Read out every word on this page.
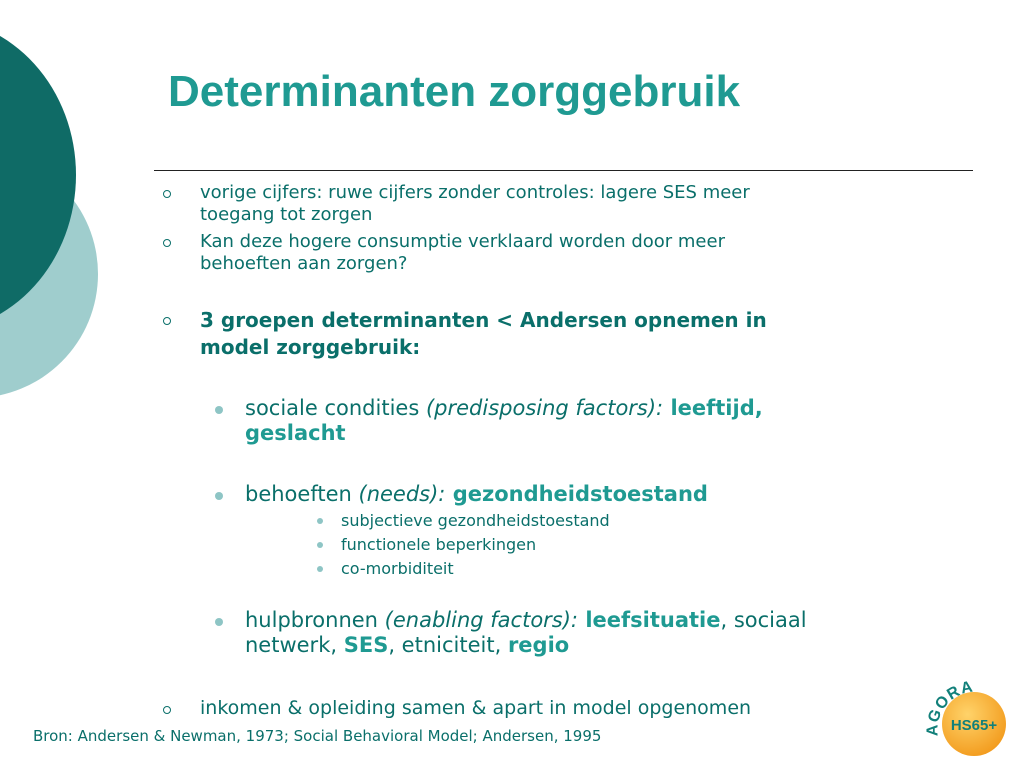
Determinanten zorggebruik
vorige cijfers: ruwe cijfers zonder controles: lagere SES meer
toegang tot zorgen
Kan deze hogere consumptie verklaard worden door meer
behoeften aan zorgen?
3 groepen determinanten < Andersen opnemen in
model zorggebruik:
sociale condities (predisposing factors): leeftijd,
geslacht
behoeften (needs): gezondheidstoestand
subjectieve gezondheidstoestand
functionele beperkingen
co-morbiditeit
hulpbronnen (enabling factors): leefsituatie, sociaal
netwerk, SES, etniciteit, regio
inkomen & opleiding samen & apart in model opgenomen

Bron: Andersen & Newman, 1973; Social Behavioral Model; Andersen, 1995	AGORA
HS65+
